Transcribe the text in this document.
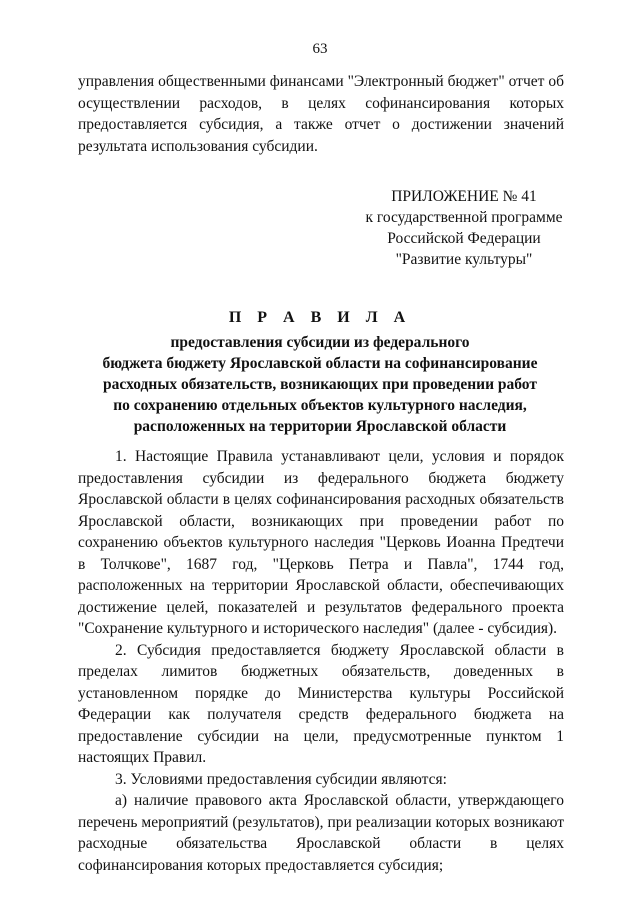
63

управления общественными финансами "Электронный бюджет" отчет об осуществлении расходов, в целях софинансирования которых предоставляется субсидия, а также отчет о достижении значений результата использования субсидии.

ПРИЛОЖЕНИЕ № 41
к государственной программе
Российской Федерации
"Развитие культуры"
П Р А В И Л А
предоставления субсидии из федерального
бюджета бюджету Ярославской области на софинансирование
расходных обязательств, возникающих при проведении работ
по сохранению отдельных объектов культурного наследия,
расположенных на территории Ярославской области

1. Настоящие Правила устанавливают цели, условия и порядок предоставления субсидии из федерального бюджета бюджету Ярославской области в целях софинансирования расходных обязательств Ярославской области, возникающих при проведении работ по сохранению объектов культурного наследия "Церковь Иоанна Предтечи в Толчкове", 1687 год, "Церковь Петра и Павла", 1744 год, расположенных на территории Ярославской области, обеспечивающих достижение целей, показателей и результатов федерального проекта "Сохранение культурного и исторического наследия" (далее - субсидия).

2. Субсидия предоставляется бюджету Ярославской области в пределах лимитов бюджетных обязательств, доведенных в установленном порядке до Министерства культуры Российской Федерации как получателя средств федерального бюджета на предоставление субсидии на цели, предусмотренные пунктом 1 настоящих Правил.

3. Условиями предоставления субсидии являются:

а) наличие правового акта Ярославской области, утверждающего перечень мероприятий (результатов), при реализации которых возникают расходные обязательства Ярославской области в целях софинансирования которых предоставляется субсидия;
